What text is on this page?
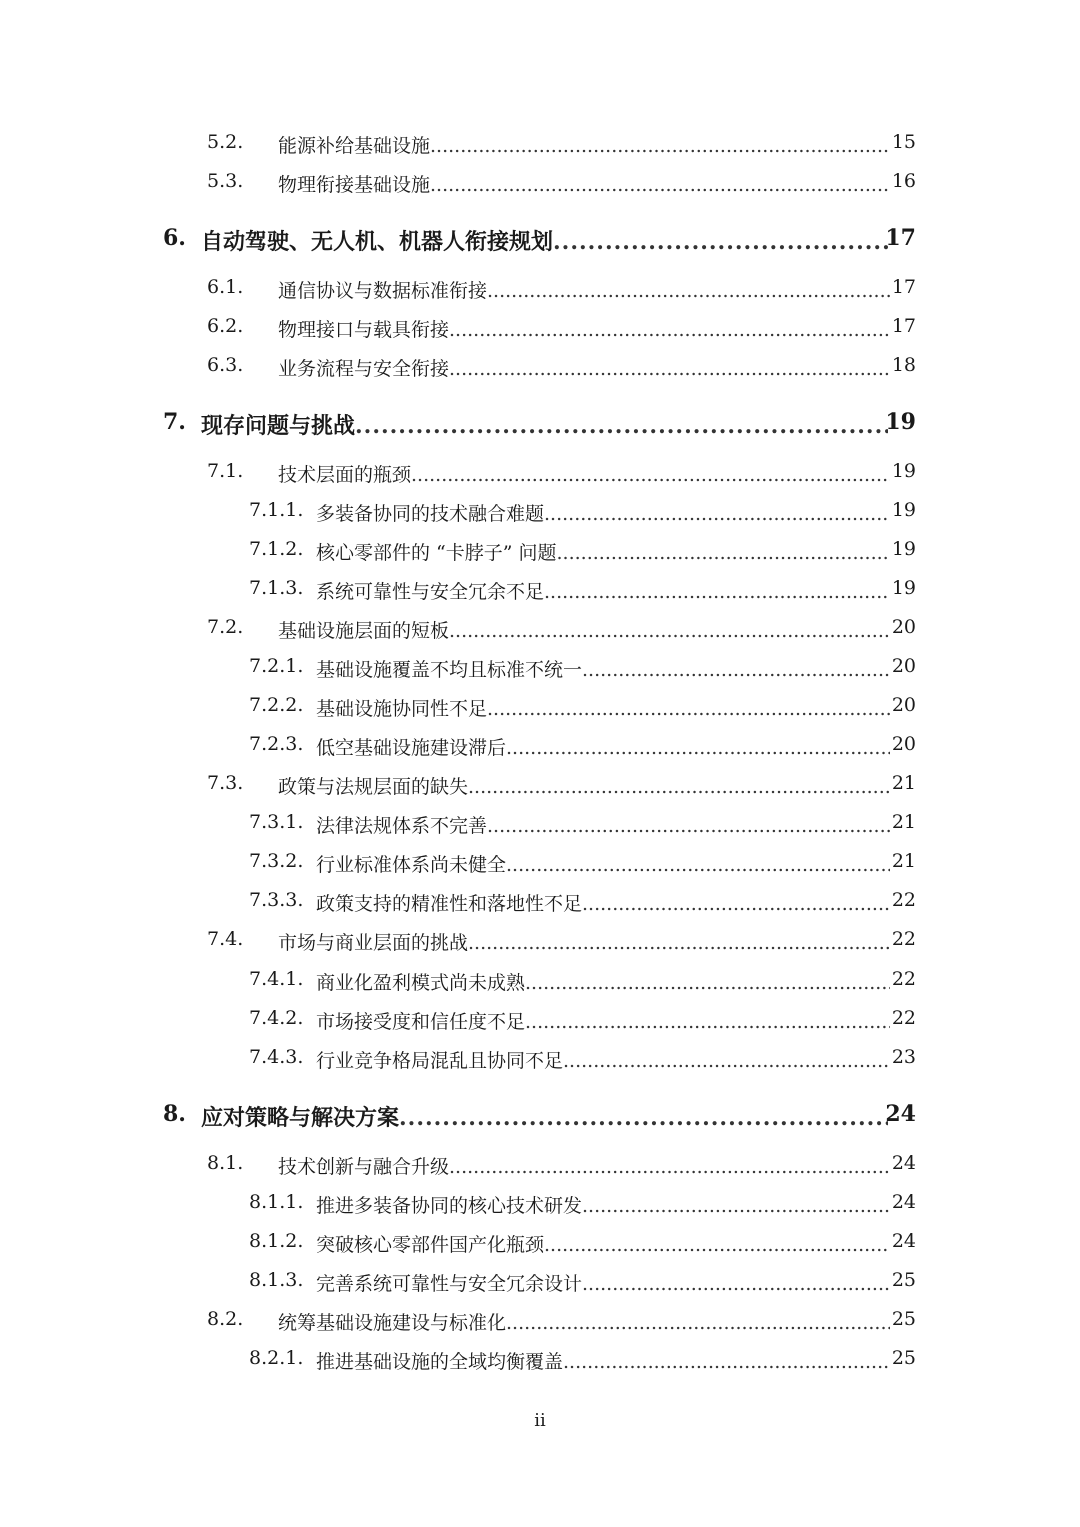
5.2. 能源补给基础设施 .....	15
5.3. 物理衔接基础设施 .....	16
6. 自动驾驶、无人机、机器人衔接规划 .....	17
6.1. 通信协议与数据标准衔接 .....	17
6.2. 物理接口与载具衔接 .....	17
6.3. 业务流程与安全衔接 .....	18
7. 现存问题与挑战 .....	19
7.1. 技术层面的瓶颈 .....	19
7.1.1. 多装备协同的技术融合难题 .....	19
7.1.2. 核心零部件的 “卡脖子” 问题 .....	19
7.1.3. 系统可靠性与安全冗余不足 .....	19
7.2. 基础设施层面的短板 .....	20
7.2.1. 基础设施覆盖不均且标准不统一 .....	20
7.2.2. 基础设施协同性不足 .....	20
7.2.3. 低空基础设施建设滞后 .....	20
7.3. 政策与法规层面的缺失 .....	21
7.3.1. 法律法规体系不完善 .....	21
7.3.2. 行业标准体系尚未健全 .....	21
7.3.3. 政策支持的精准性和落地性不足 .....	22
7.4. 市场与商业层面的挑战 .....	22
7.4.1. 商业化盈利模式尚未成熟 .....	22
7.4.2. 市场接受度和信任度不足 .....	22
7.4.3. 行业竞争格局混乱且协同不足 .....	23
8. 应对策略与解决方案 .....	24
8.1. 技术创新与融合升级 .....	24
8.1.1. 推进多装备协同的核心技术研发 .....	24
8.1.2. 突破核心零部件国产化瓶颈 .....	24
8.1.3. 完善系统可靠性与安全冗余设计 .....	25
8.2. 统筹基础设施建设与标准化 .....	25
8.2.1. 推进基础设施的全域均衡覆盖 .....	25
ii
